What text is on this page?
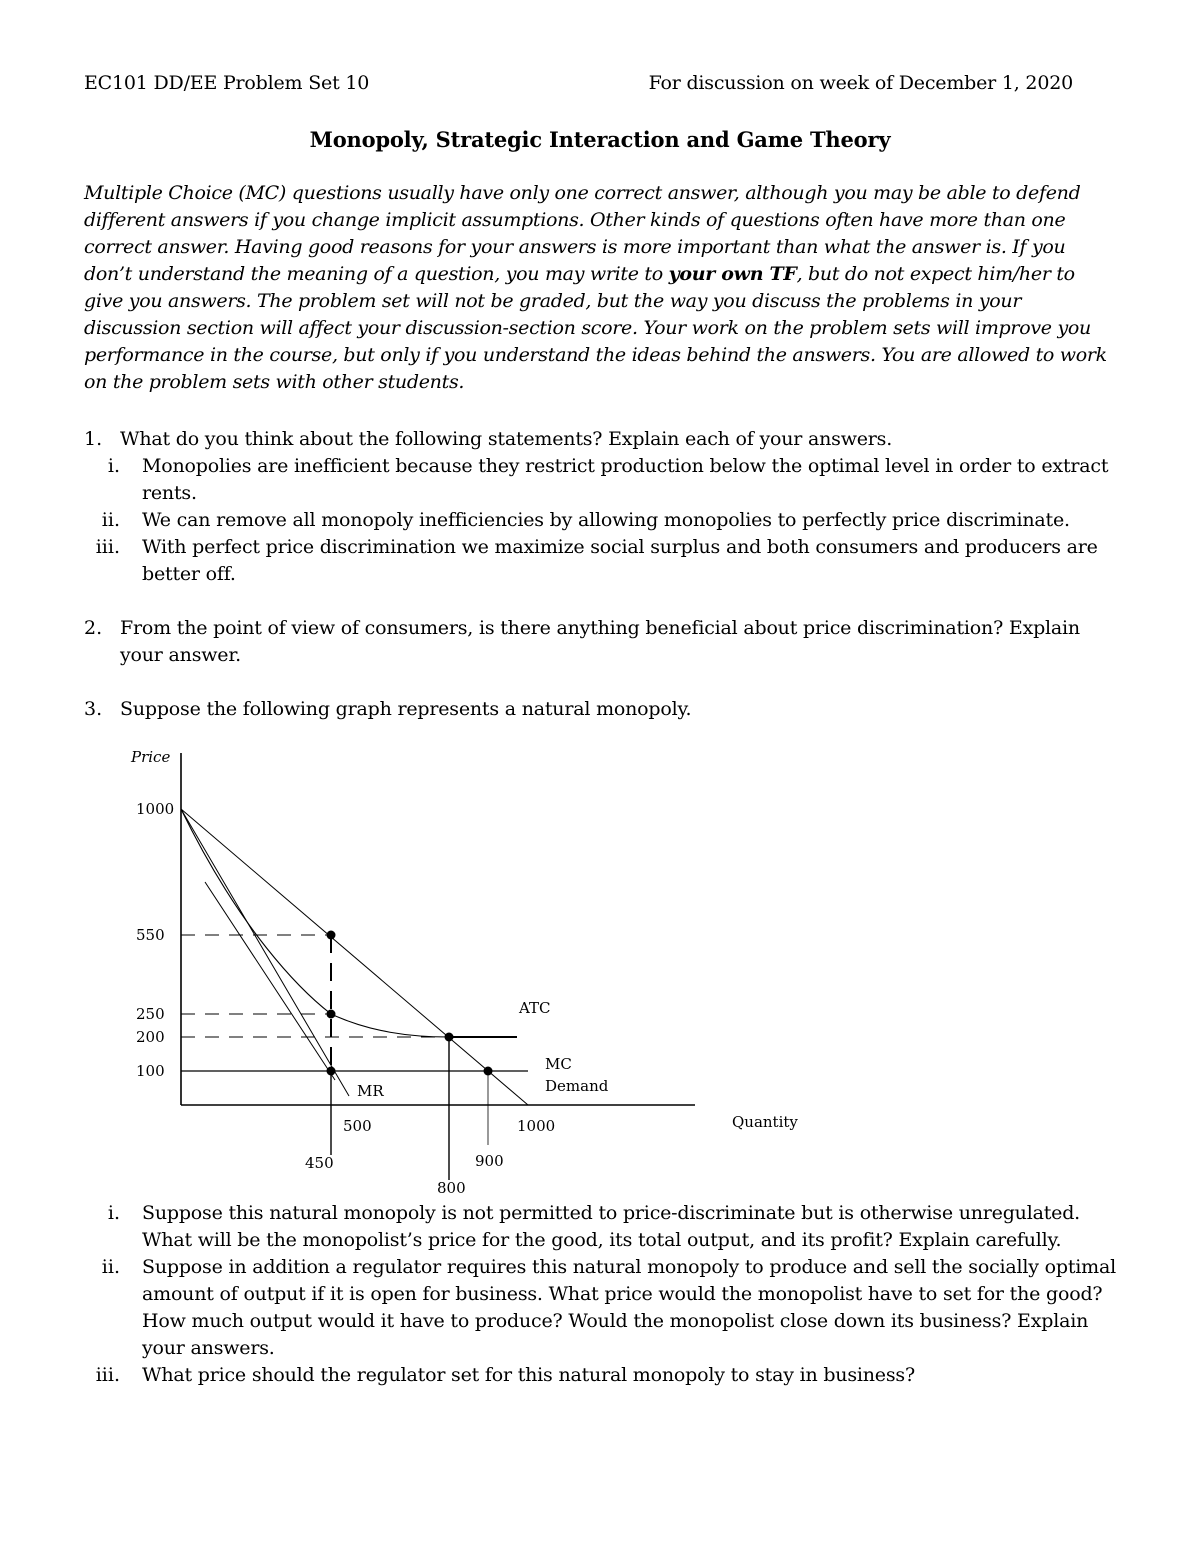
EC101 DD/EE Problem Set 10	For discussion on week of December 1, 2020
Monopoly, Strategic Interaction and Game Theory
Multiple Choice (MC) questions usually have only one correct answer, although you may be able to defend different answers if you change implicit assumptions. Other kinds of questions often have more than one correct answer. Having good reasons for your answers is more important than what the answer is. If you don’t understand the meaning of a question, you may write to your own TF, but do not expect him/her to give you answers. The problem set will not be graded, but the way you discuss the problems in your discussion section will affect your discussion-section score. Your work on the problem sets will improve you performance in the course, but only if you understand the ideas behind the answers. You are allowed to work on the problem sets with other students.
1. What do you think about the following statements? Explain each of your answers.
i. Monopolies are inefficient because they restrict production below the optimal level in order to extract
rents.
ii. We can remove all monopoly inefficiencies by allowing monopolies to perfectly price discriminate.
iii. With perfect price discrimination we maximize social surplus and both consumers and producers are
better off.
2. From the point of view of consumers, is there anything beneficial about price discrimination? Explain
your answer.
3. Suppose the following graph represents a natural monopoly.
Price
Quantity
1000
550
250
200
100
500	1000
450	900
800
ATC
MC
Demand
MR
i. Suppose this natural monopoly is not permitted to price-discriminate but is otherwise unregulated.
What will be the monopolist’s price for the good, its total output, and its profit? Explain carefully.
ii. Suppose in addition a regulator requires this natural monopoly to produce and sell the socially optimal
amount of output if it is open for business. What price would the monopolist have to set for the good?
How much output would it have to produce? Would the monopolist close down its business? Explain
your answers.
iii. What price should the regulator set for this natural monopoly to stay in business?
